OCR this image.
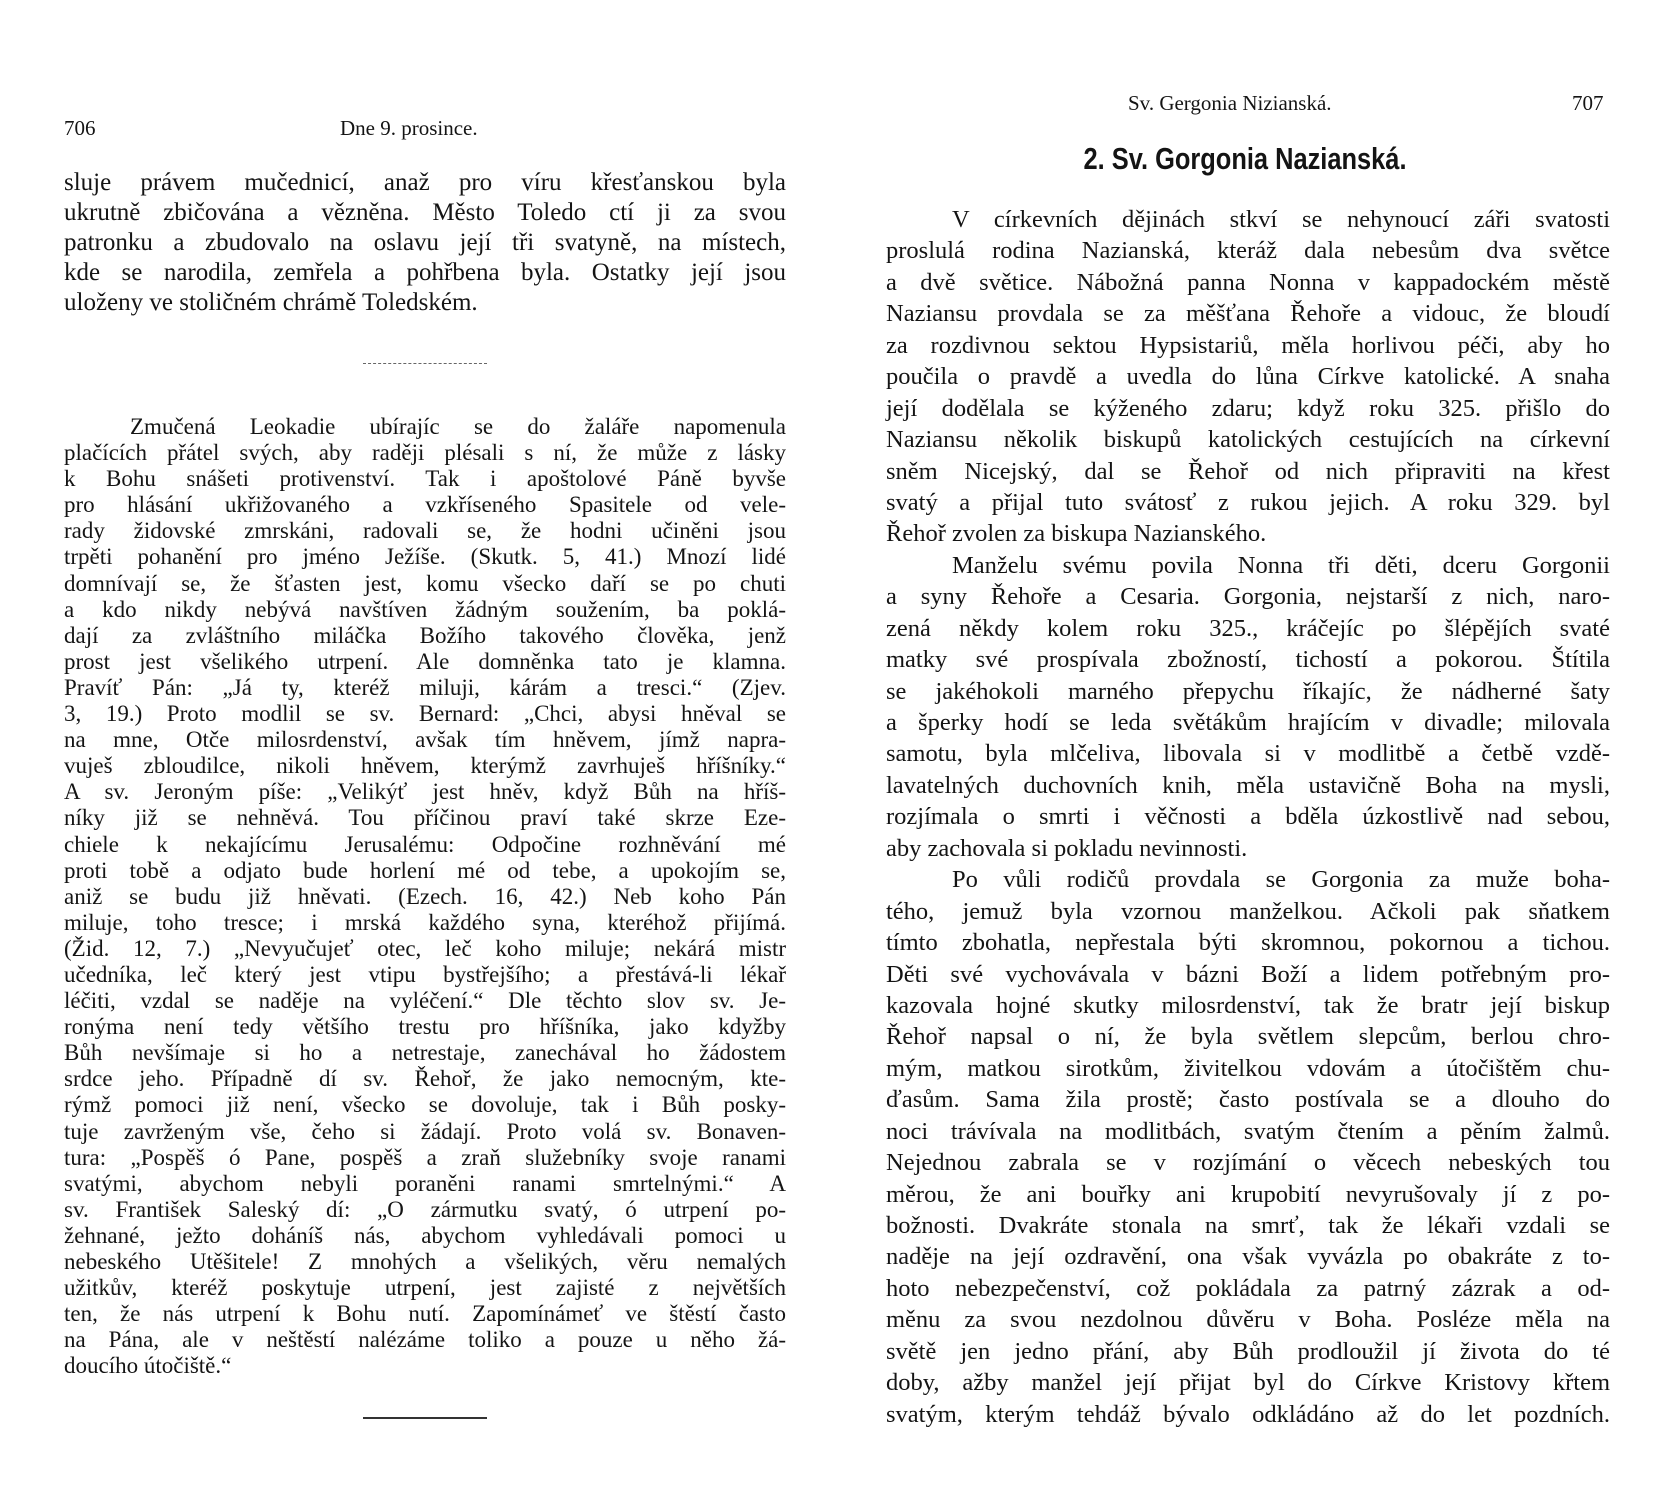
706	Dne 9. prosince.
sluje právem mučednicí, anaž pro víru křesťanskou byla
ukrutně zbičována a vězněna. Město Toledo ctí ji za svou
patronku a zbudovalo na oslavu její tři svatyně, na místech,
kde se narodila, zemřela a pohřbena byla. Ostatky její jsou
uloženy ve stoličném chrámě Toledském.
Zmučená Leokadie ubírajíc se do žaláře napomenula
plačících přátel svých, aby raději plésali s ní, že může z lásky
k Bohu snášeti protivenství. Tak i apoštolové Páně byvše
pro hlásání ukřižovaného a vzkříseného Spasitele od vele-
rady židovské zmrskáni, radovali se, že hodni učiněni jsou
trpěti pohanění pro jméno Ježíše. (Skutk. 5, 41.) Mnozí lidé
domnívají se, že šťasten jest, komu všecko daří se po chuti
a kdo nikdy nebývá navštíven žádným soužením, ba poklá-
dají za zvláštního miláčka Božího takového člověka, jenž
prost jest všelikého utrpení. Ale domněnka tato je klamna.
Pravíť Pán: „Já ty, kteréž miluji, kárám a tresci.“ (Zjev.
3, 19.) Proto modlil se sv. Bernard: „Chci, abysi hněval se
na mne, Otče milosrdenství, avšak tím hněvem, jímž napra-
vuješ zbloudilce, nikoli hněvem, kterýmž zavrhuješ hříšníky.“
A sv. Jeroným píše: „Velikýť jest hněv, když Bůh na hříš-
níky již se nehněvá. Tou příčinou praví také skrze Eze-
chiele k nekajícímu Jerusalému: Odpočine rozhněvání mé
proti tobě a odjato bude horlení mé od tebe, a upokojím se,
aniž se budu již hněvati. (Ezech. 16, 42.) Neb koho Pán
miluje, toho tresce; i mrská každého syna, kteréhož přijímá.
(Žid. 12, 7.) „Nevyučujeť otec, leč koho miluje; nekárá mistr
učedníka, leč který jest vtipu bystřejšího; a přestává-li lékař
léčiti, vzdal se naděje na vyléčení.“ Dle těchto slov sv. Je-
ronýma není tedy většího trestu pro hříšníka, jako kdyžby
Bůh nevšímaje si ho a netrestaje, zanechával ho žádostem
srdce jeho. Případně dí sv. Řehoř, že jako nemocným, kte-
rýmž pomoci již není, všecko se dovoluje, tak i Bůh posky-
tuje zavrženým vše, čeho si žádají. Proto volá sv. Bonaven-
tura: „Pospěš ó Pane, pospěš a zraň služebníky svoje ranami
svatými, abychom nebyli poraněni ranami smrtelnými.“ A
sv. František Saleský dí: „O zármutku svatý, ó utrpení po-
žehnané, ježto doháníš nás, abychom vyhledávali pomoci u
nebeského Utěšitele! Z mnohých a všelikých, věru nemalých
užitkův, kteréž poskytuje utrpení, jest zajisté z největších
ten, že nás utrpení k Bohu nutí. Zapomínámeť ve štěstí často
na Pána, ale v neštěstí nalézáme toliko a pouze u něho žá-
doucího útočiště.“
Sv. Gergonia Nizianská.	707
2. Sv. Gorgonia Nazianská.
V církevních dějinách stkví se nehynoucí záři svatosti
proslulá rodina Nazianská, kteráž dala nebesům dva světce
a dvě světice. Nábožná panna Nonna v kappadockém městě
Naziansu provdala se za měšťana Řehoře a vidouc, že bloudí
za rozdivnou sektou Hypsistariů, měla horlivou péči, aby ho
poučila o pravdě a uvedla do lůna Církve katolické. A snaha
její dodělala se kýženého zdaru; když roku 325. přišlo do
Naziansu několik biskupů katolických cestujících na církevní
sněm Nicejský, dal se Řehoř od nich připraviti na křest
svatý a přijal tuto svátosť z rukou jejich. A roku 329. byl
Řehoř zvolen za biskupa Nazianského.
Manželu svému povila Nonna tři děti, dceru Gorgonii
a syny Řehoře a Cesaria. Gorgonia, nejstarší z nich, naro-
zená někdy kolem roku 325., kráčejíc po šlépějích svaté
matky své prospívala zbožností, tichostí a pokorou. Štítila
se jakéhokoli marného přepychu říkajíc, že nádherné šaty
a šperky hodí se leda světákům hrajícím v divadle; milovala
samotu, byla mlčeliva, libovala si v modlitbě a četbě vzdě-
lavatelných duchovních knih, měla ustavičně Boha na mysli,
rozjímala o smrti i věčnosti a bděla úzkostlivě nad sebou,
aby zachovala si pokladu nevinnosti.
Po vůli rodičů provdala se Gorgonia za muže boha-
tého, jemuž byla vzornou manželkou. Ačkoli pak sňatkem
tímto zbohatla, nepřestala býti skromnou, pokornou a tichou.
Děti své vychovávala v bázni Boží a lidem potřebným pro-
kazovala hojné skutky milosrdenství, tak že bratr její biskup
Řehoř napsal o ní, že byla světlem slepcům, berlou chro-
mým, matkou sirotkům, živitelkou vdovám a útočištěm chu-
ďasům. Sama žila prostě; často postívala se a dlouho do
noci trávívala na modlitbách, svatým čtením a pěním žalmů.
Nejednou zabrala se v rozjímání o věcech nebeských tou
měrou, že ani bouřky ani krupobití nevyrušovaly jí z po-
božnosti. Dvakráte stonala na smrť, tak že lékaři vzdali se
naděje na její ozdravění, ona však vyvázla po obakráte z to-
hoto nebezpečenství, což pokládala za patrný zázrak a od-
měnu za svou nezdolnou důvěru v Boha. Posléze měla na
světě jen jedno přání, aby Bůh prodloužil jí života do té
doby, ažby manžel její přijat byl do Církve Kristovy křtem
svatým, kterým tehdáž bývalo odkládáno až do let pozdních.
